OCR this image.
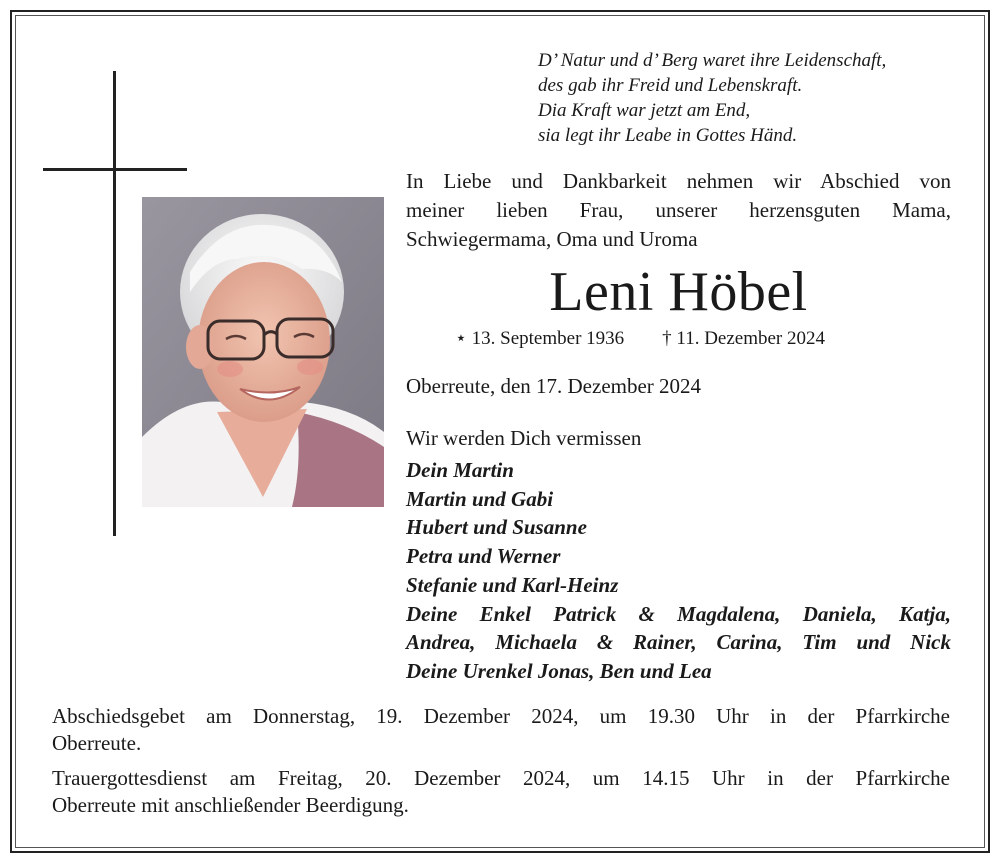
D’ Natur und d’ Berg waret ihre Leidenschaft,
des gab ihr Freid und Lebenskraft.
Dia Kraft war jetzt am End,
sia legt ihr Leabe in Gottes Händ.
In Liebe und Dankbarkeit nehmen wir Abschied von
meiner lieben Frau, unserer herzensguten Mama,
Schwiegermama, Oma und Uroma
Leni Höbel
⋆ 13. September 1936 † 11. Dezember 2024
Oberreute, den 17. Dezember 2024
Wir werden Dich vermissen
Dein Martin
Martin und Gabi
Hubert und Susanne
Petra und Werner
Stefanie und Karl-Heinz
Deine Enkel Patrick & Magdalena, Daniela, Katja,
Andrea, Michaela & Rainer, Carina, Tim und Nick
Deine Urenkel Jonas, Ben und Lea

Abschiedsgebet am Donnerstag, 19. Dezember 2024, um 19.30 Uhr in der Pfarrkirche
Oberreute.

Trauergottesdienst am Freitag, 20. Dezember 2024, um 14.15 Uhr in der Pfarrkirche
Oberreute mit anschließender Beerdigung.
